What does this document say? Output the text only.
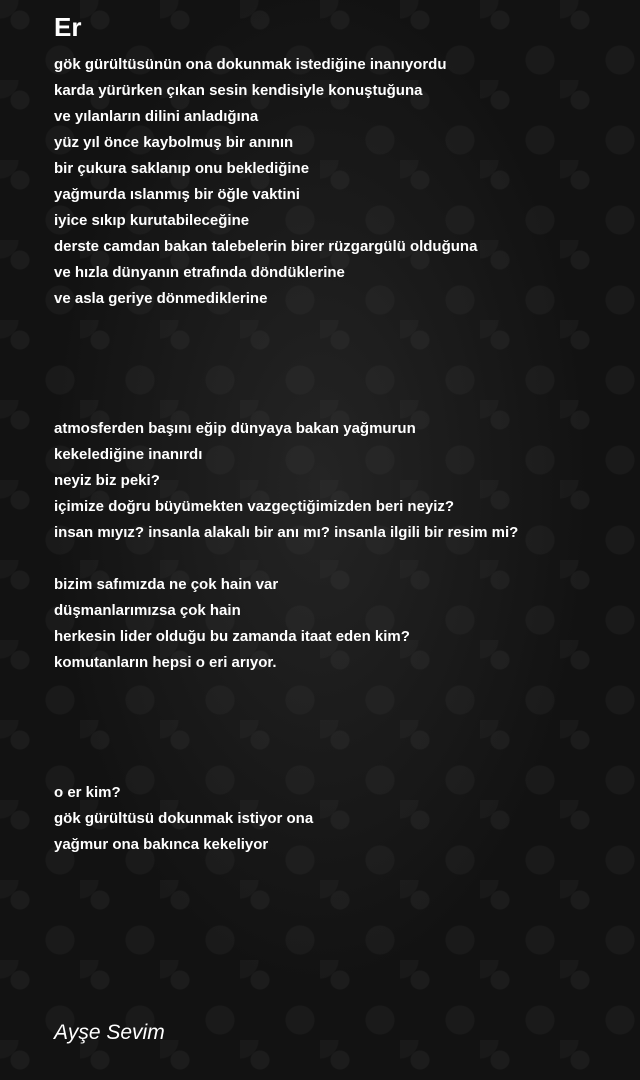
Er
gök gürültüsünün ona dokunmak istediğine inanıyordu
karda yürürken çıkan sesin kendisiyle konuştuğuna
ve yılanların dilini anladığına
yüz yıl önce kaybolmuş bir anının
bir çukura saklanıp onu beklediğine
yağmurda ıslanmış bir öğle vaktini
iyice sıkıp kurutabileceğine
derste camdan bakan talebelerin birer rüzgargülü olduğuna
ve hızla dünyanın etrafında döndüklerine
ve asla geriye dönmediklerine
atmosferden başını eğip dünyaya bakan yağmurun
kekelediğine inanırdı
neyiz biz peki?
içimize doğru büyümekten vazgeçtiğimizden beri neyiz?
insan mıyız? insanla alakalı bir anı mı? insanla ilgili bir resim mi?
bizim safımızda ne çok hain var
düşmanlarımızsa çok hain
herkesin lider olduğu bu zamanda itaat eden kim?
komutanların hepsi o eri arıyor.
o er kim?
gök gürültüsü dokunmak istiyor ona
yağmur ona bakınca kekeliyor
Ayşe Sevim
